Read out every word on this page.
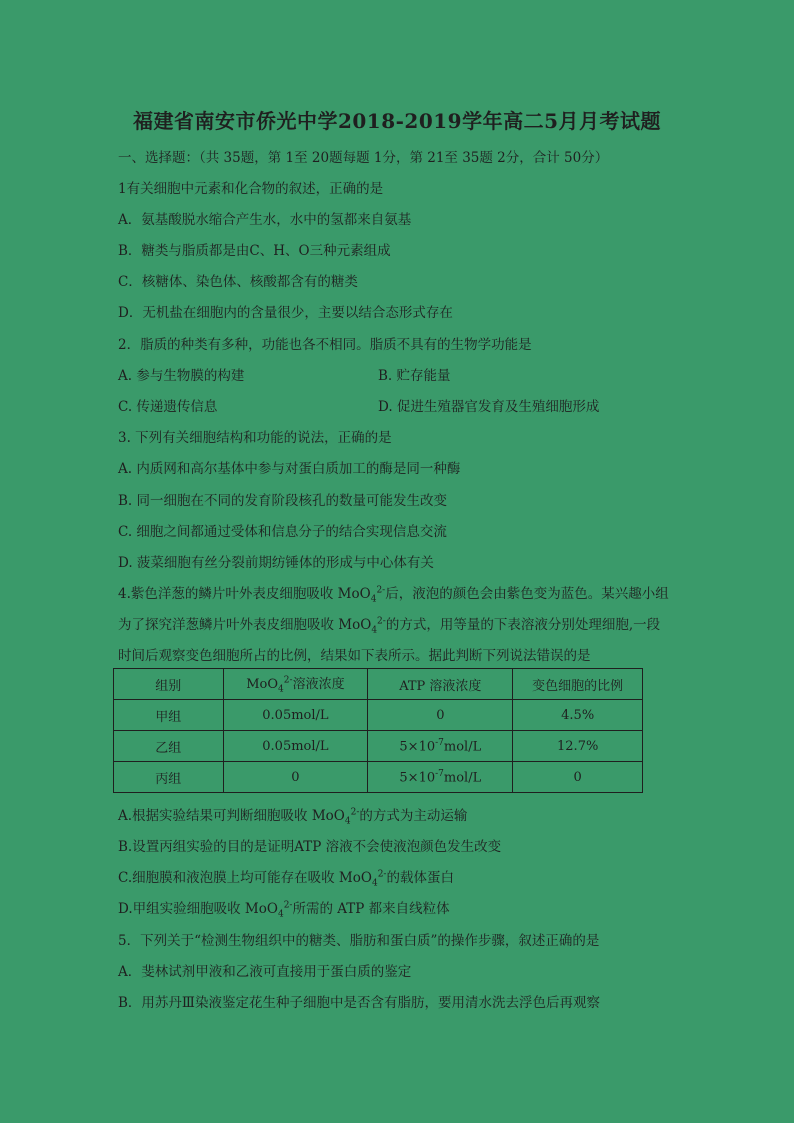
福建省南安市侨光中学2018-2019学年高二5月月考试题
一、选择题：（共 35题，第 1至 20题每题 1分，第 21至 35题 2分，合计 50分）
1有关细胞中元素和化合物的叙述，正确的是
A．氨基酸脱水缩合产生水，水中的氢都来自氨基
B．糖类与脂质都是由C、H、O三种元素组成
C．核糖体、染色体、核酸都含有的糖类
D．无机盐在细胞内的含量很少，主要以结合态形式存在
2．脂质的种类有多种，功能也各不相同。脂质不具有的生物学功能是
A. 参与生物膜的构建	B. 贮存能量
C. 传递遗传信息	D. 促进生殖器官发育及生殖细胞形成
3. 下列有关细胞结构和功能的说法，正确的是
A. 内质网和高尔基体中参与对蛋白质加工的酶是同一种酶
B. 同一细胞在不同的发育阶段核孔的数量可能发生改变
C. 细胞之间都通过受体和信息分子的结合实现信息交流
D. 菠菜细胞有丝分裂前期纺锤体的形成与中心体有关
4.紫色洋葱的鳞片叶外表皮细胞吸收 MoO$_4^{2-}$后，液泡的颜色会由紫色变为蓝色。某兴趣小组
为了探究洋葱鳞片叶外表皮细胞吸收 MoO$_4^{2-}$的方式，用等量的下表溶液分别处理细胞,一段
时间后观察变色细胞所占的比例，结果如下表所示。据此判断下列说法错误的是
组别	MoO$_4^{2-}$溶液浓度	ATP 溶液浓度	变色细胞的比例
甲组	0.05mol/L	0	4.5%
乙组	0.05mol/L	$5\times 10^{-7}mol/L$	12.7%
丙组	0	$5\times 10^{-7}mol/L$	0
A.根据实验结果可判断细胞吸收 MoO$_4^{2-}$的方式为主动运输
B.设置丙组实验的目的是证明ATP 溶液不会使液泡颜色发生改变
C.细胞膜和液泡膜上均可能存在吸收 MoO$_4^{2-}$的载体蛋白
D.甲组实验细胞吸收 MoO$_4^{2-}$所需的 ATP 都来自线粒体
5．下列关于“检测生物组织中的糖类、脂肪和蛋白质”的操作步骤，叙述正确的是
A．斐林试剂甲液和乙液可直接用于蛋白质的鉴定
B．用苏丹Ⅲ染液鉴定花生种子细胞中是否含有脂肪，要用清水洗去浮色后再观察
